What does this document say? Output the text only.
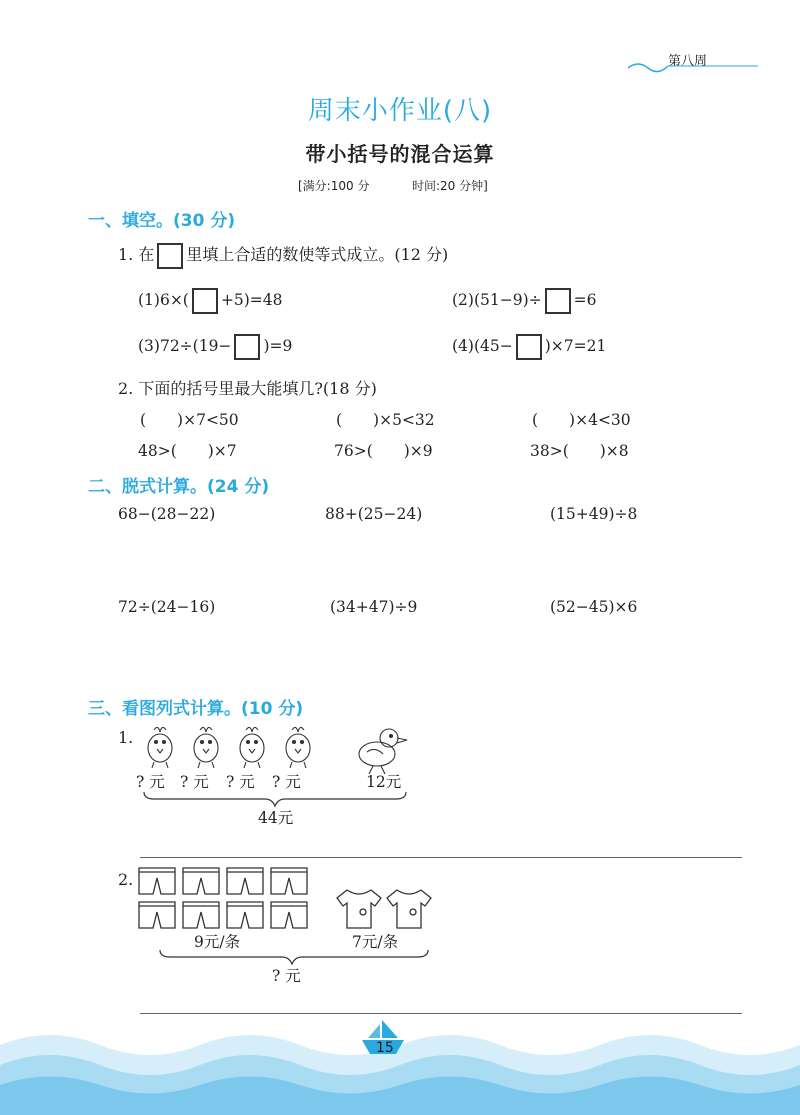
第八周
周末小作业(八)
带小括号的混合运算
[满分:100 分	时间:20 分钟]
一、填空。(30 分)
1. 在 里填上合适的数使等式成立。(12 分)
(1)6×( +5)=48	(2)(51−9)÷ =6
(3)72÷(19− )=9	(4)(45− )×7=21
2. 下面的括号里最大能填几?(18 分)
(　　)×7<50	(　　)×5<32	(　　)×4<30
48>(　　)×7	76>(　　)×9	38>(　　)×8
二、脱式计算。(24 分)
68−(28−22)	88+(25−24)	(15+49)÷8
72÷(24−16)	(34+47)÷9	(52−45)×6
三、看图列式计算。(10 分)
1.
? 元 ? 元 ? 元 ? 元	12元
44元
2.
9元/条	7元/条
? 元
15
